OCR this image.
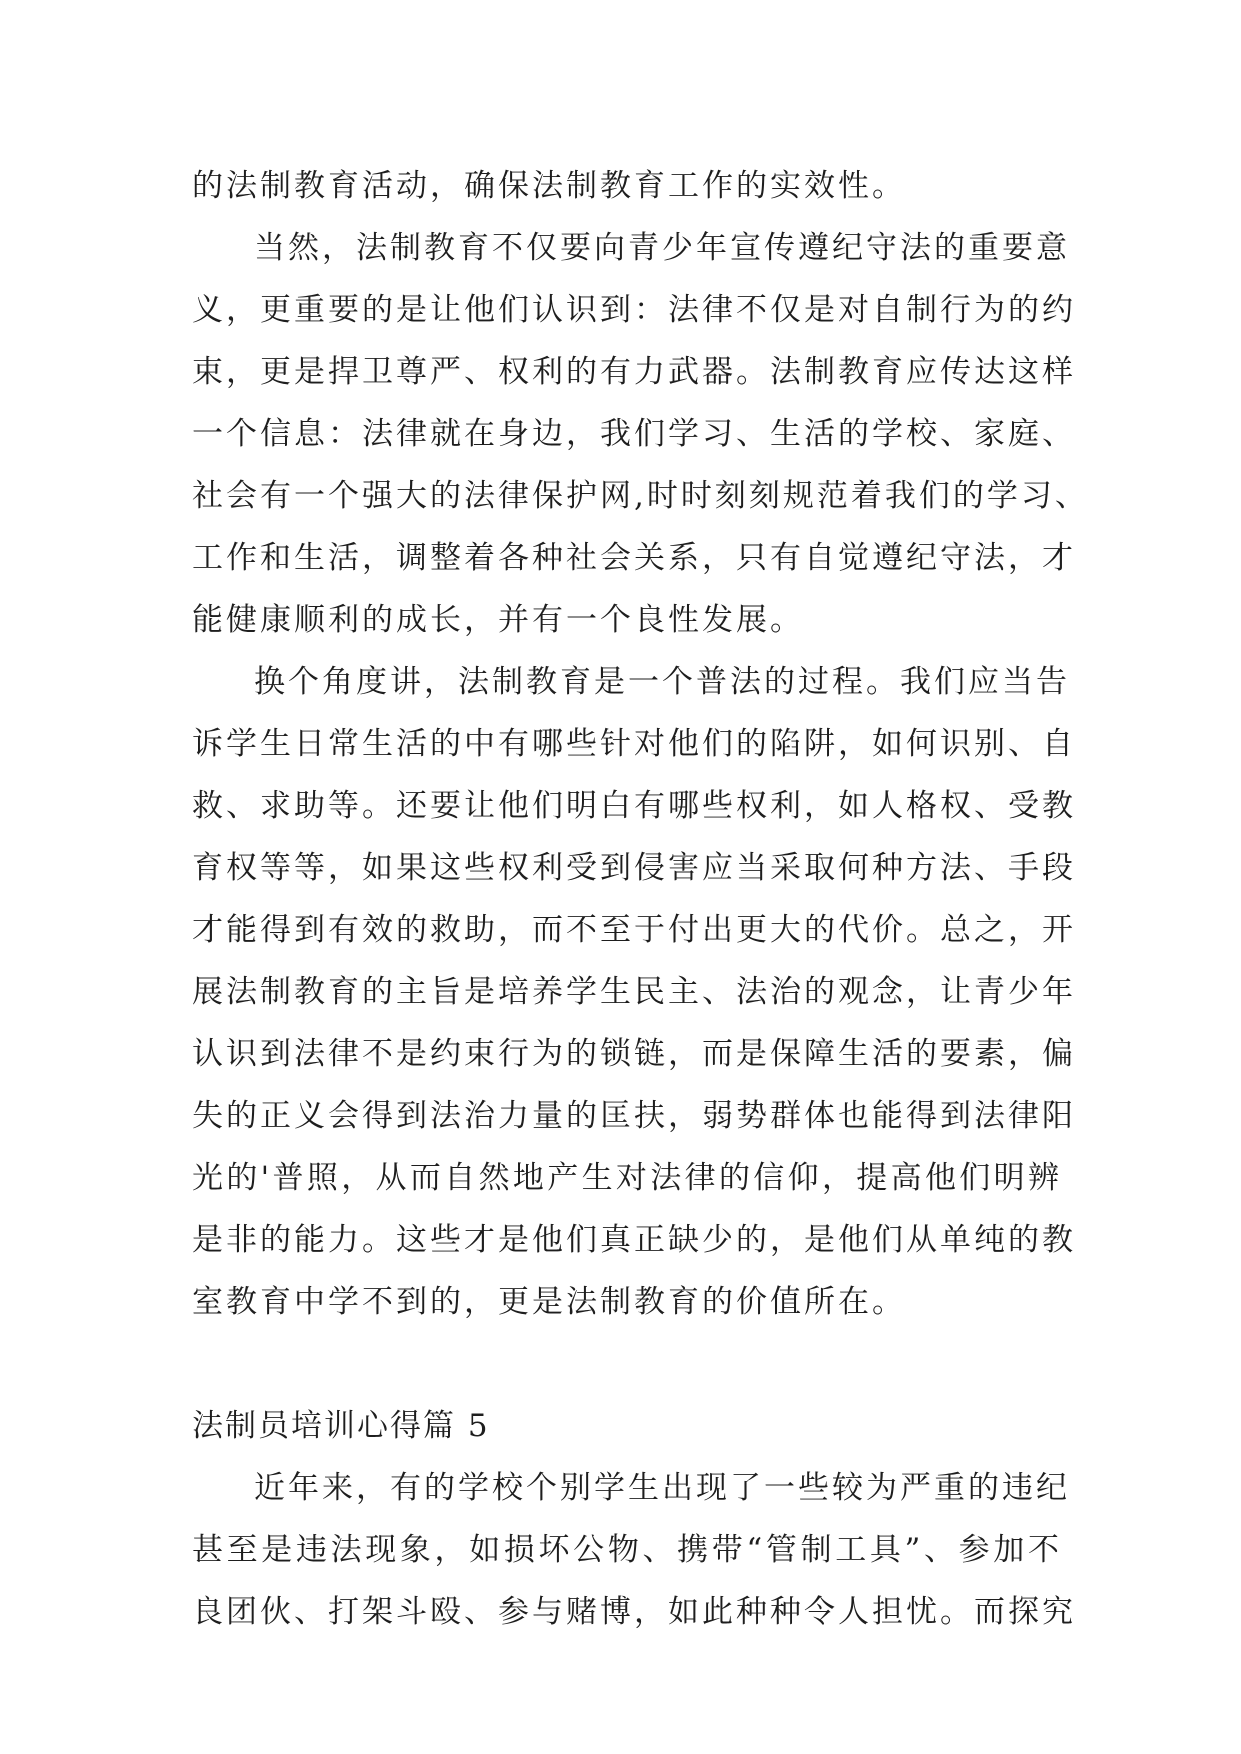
的法制教育活动，确保法制教育工作的实效性。
当然，法制教育不仅要向青少年宣传遵纪守法的重要意
义，更重要的是让他们认识到：法律不仅是对自制行为的约
束，更是捍卫尊严、权利的有力武器。法制教育应传达这样
一个信息：法律就在身边，我们学习、生活的学校、家庭、
社会有一个强大的法律保护网,时时刻刻规范着我们的学习、
工作和生活，调整着各种社会关系，只有自觉遵纪守法，才
能健康顺利的成长，并有一个良性发展。
换个角度讲，法制教育是一个普法的过程。我们应当告
诉学生日常生活的中有哪些针对他们的陷阱，如何识别、自
救、求助等。还要让他们明白有哪些权利，如人格权、受教
育权等等，如果这些权利受到侵害应当采取何种方法、手段
才能得到有效的救助，而不至于付出更大的代价。总之，开
展法制教育的主旨是培养学生民主、法治的观念，让青少年
认识到法律不是约束行为的锁链，而是保障生活的要素，偏
失的正义会得到法治力量的匡扶，弱势群体也能得到法律阳
光的'普照，从而自然地产生对法律的信仰，提高他们明辨
是非的能力。这些才是他们真正缺少的，是他们从单纯的教
室教育中学不到的，更是法制教育的价值所在。
法制员培训心得篇 5
近年来，有的学校个别学生出现了一些较为严重的违纪
甚至是违法现象，如损坏公物、携带“管制工具”、参加不
良团伙、打架斗殴、参与赌博，如此种种令人担忧。而探究
